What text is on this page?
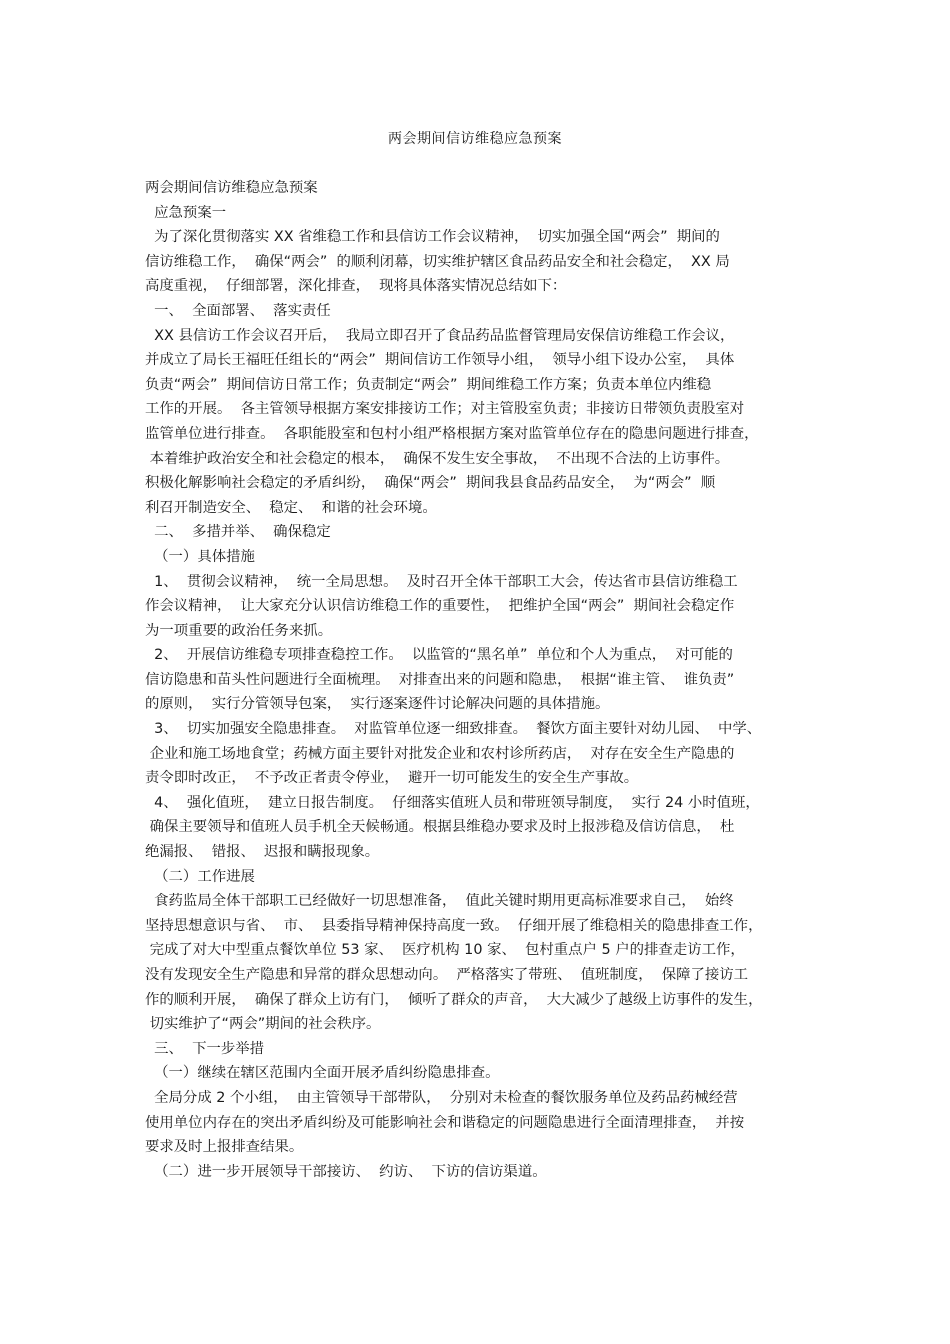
两会期间信访维稳应急预案
两会期间信访维稳应急预案
应急预案一
为了深化贯彻落实 XX 省维稳工作和县信访工作会议精神，  切实加强全国“两会”  期间的
信访维稳工作，  确保“两会”  的顺利闭幕，切实维护辖区食品药品安全和社会稳定，  XX 局
高度重视，  仔细部署，深化排查，  现将具体落实情况总结如下：
一、  全面部署、  落实责任
XX 县信访工作会议召开后，  我局立即召开了食品药品监督管理局安保信访维稳工作会议，
并成立了局长王福旺任组长的“两会”  期间信访工作领导小组，  领导小组下设办公室，  具体
负责“两会”  期间信访日常工作；负责制定“两会”  期间维稳工作方案；负责本单位内维稳
工作的开展。  各主管领导根据方案安排接访工作；对主管股室负责；非接访日带领负责股室对
监管单位进行排查。  各职能股室和包村小组严格根据方案对监管单位存在的隐患问题进行排查，
本着维护政治安全和社会稳定的根本，  确保不发生安全事故，  不出现不合法的上访事件。
积极化解影响社会稳定的矛盾纠纷，  确保“两会”  期间我县食品药品安全，  为“两会”  顺
利召开制造安全、  稳定、  和谐的社会环境。
二、  多措并举、  确保稳定
（一）具体措施
1、  贯彻会议精神，  统一全局思想。  及时召开全体干部职工大会，传达省市县信访维稳工
作会议精神，  让大家充分认识信访维稳工作的重要性，  把维护全国“两会”  期间社会稳定作
为一项重要的政治任务来抓。
2、  开展信访维稳专项排查稳控工作。  以监管的“黑名单”  单位和个人为重点，  对可能的
信访隐患和苗头性问题进行全面梳理。  对排查出来的问题和隐患，  根据“谁主管、  谁负责”
的原则，  实行分管领导包案，  实行逐案逐件讨论解决问题的具体措施。
3、  切实加强安全隐患排查。  对监管单位逐一细致排查。  餐饮方面主要针对幼儿园、  中学、
企业和施工场地食堂；药械方面主要针对批发企业和农村诊所药店，  对存在安全生产隐患的
责令即时改正，  不予改正者责令停业，  避开一切可能发生的安全生产事故。
4、  强化值班，  建立日报告制度。  仔细落实值班人员和带班领导制度，  实行 24 小时值班，
确保主要领导和值班人员手机全天候畅通。根据县维稳办要求及时上报涉稳及信访信息，  杜
绝漏报、  错报、  迟报和瞒报现象。
（二）工作进展
食药监局全体干部职工已经做好一切思想准备，  值此关键时期用更高标准要求自己，  始终
坚持思想意识与省、  市、  县委指导精神保持高度一致。  仔细开展了维稳相关的隐患排查工作，
完成了对大中型重点餐饮单位 53 家、  医疗机构 10 家、  包村重点户 5 户的排查走访工作，
没有发现安全生产隐患和异常的群众思想动向。  严格落实了带班、  值班制度，  保障了接访工
作的顺利开展，  确保了群众上访有门，  倾听了群众的声音，  大大减少了越级上访事件的发生，
切实维护了“两会”期间的社会秩序。
三、  下一步举措
（一）继续在辖区范围内全面开展矛盾纠纷隐患排查。
全局分成 2 个小组，  由主管领导干部带队，  分别对未检查的餐饮服务单位及药品药械经营
使用单位内存在的突出矛盾纠纷及可能影响社会和谐稳定的问题隐患进行全面清理排查，  并按
要求及时上报排查结果。
（二）进一步开展领导干部接访、  约访、  下访的信访渠道。
